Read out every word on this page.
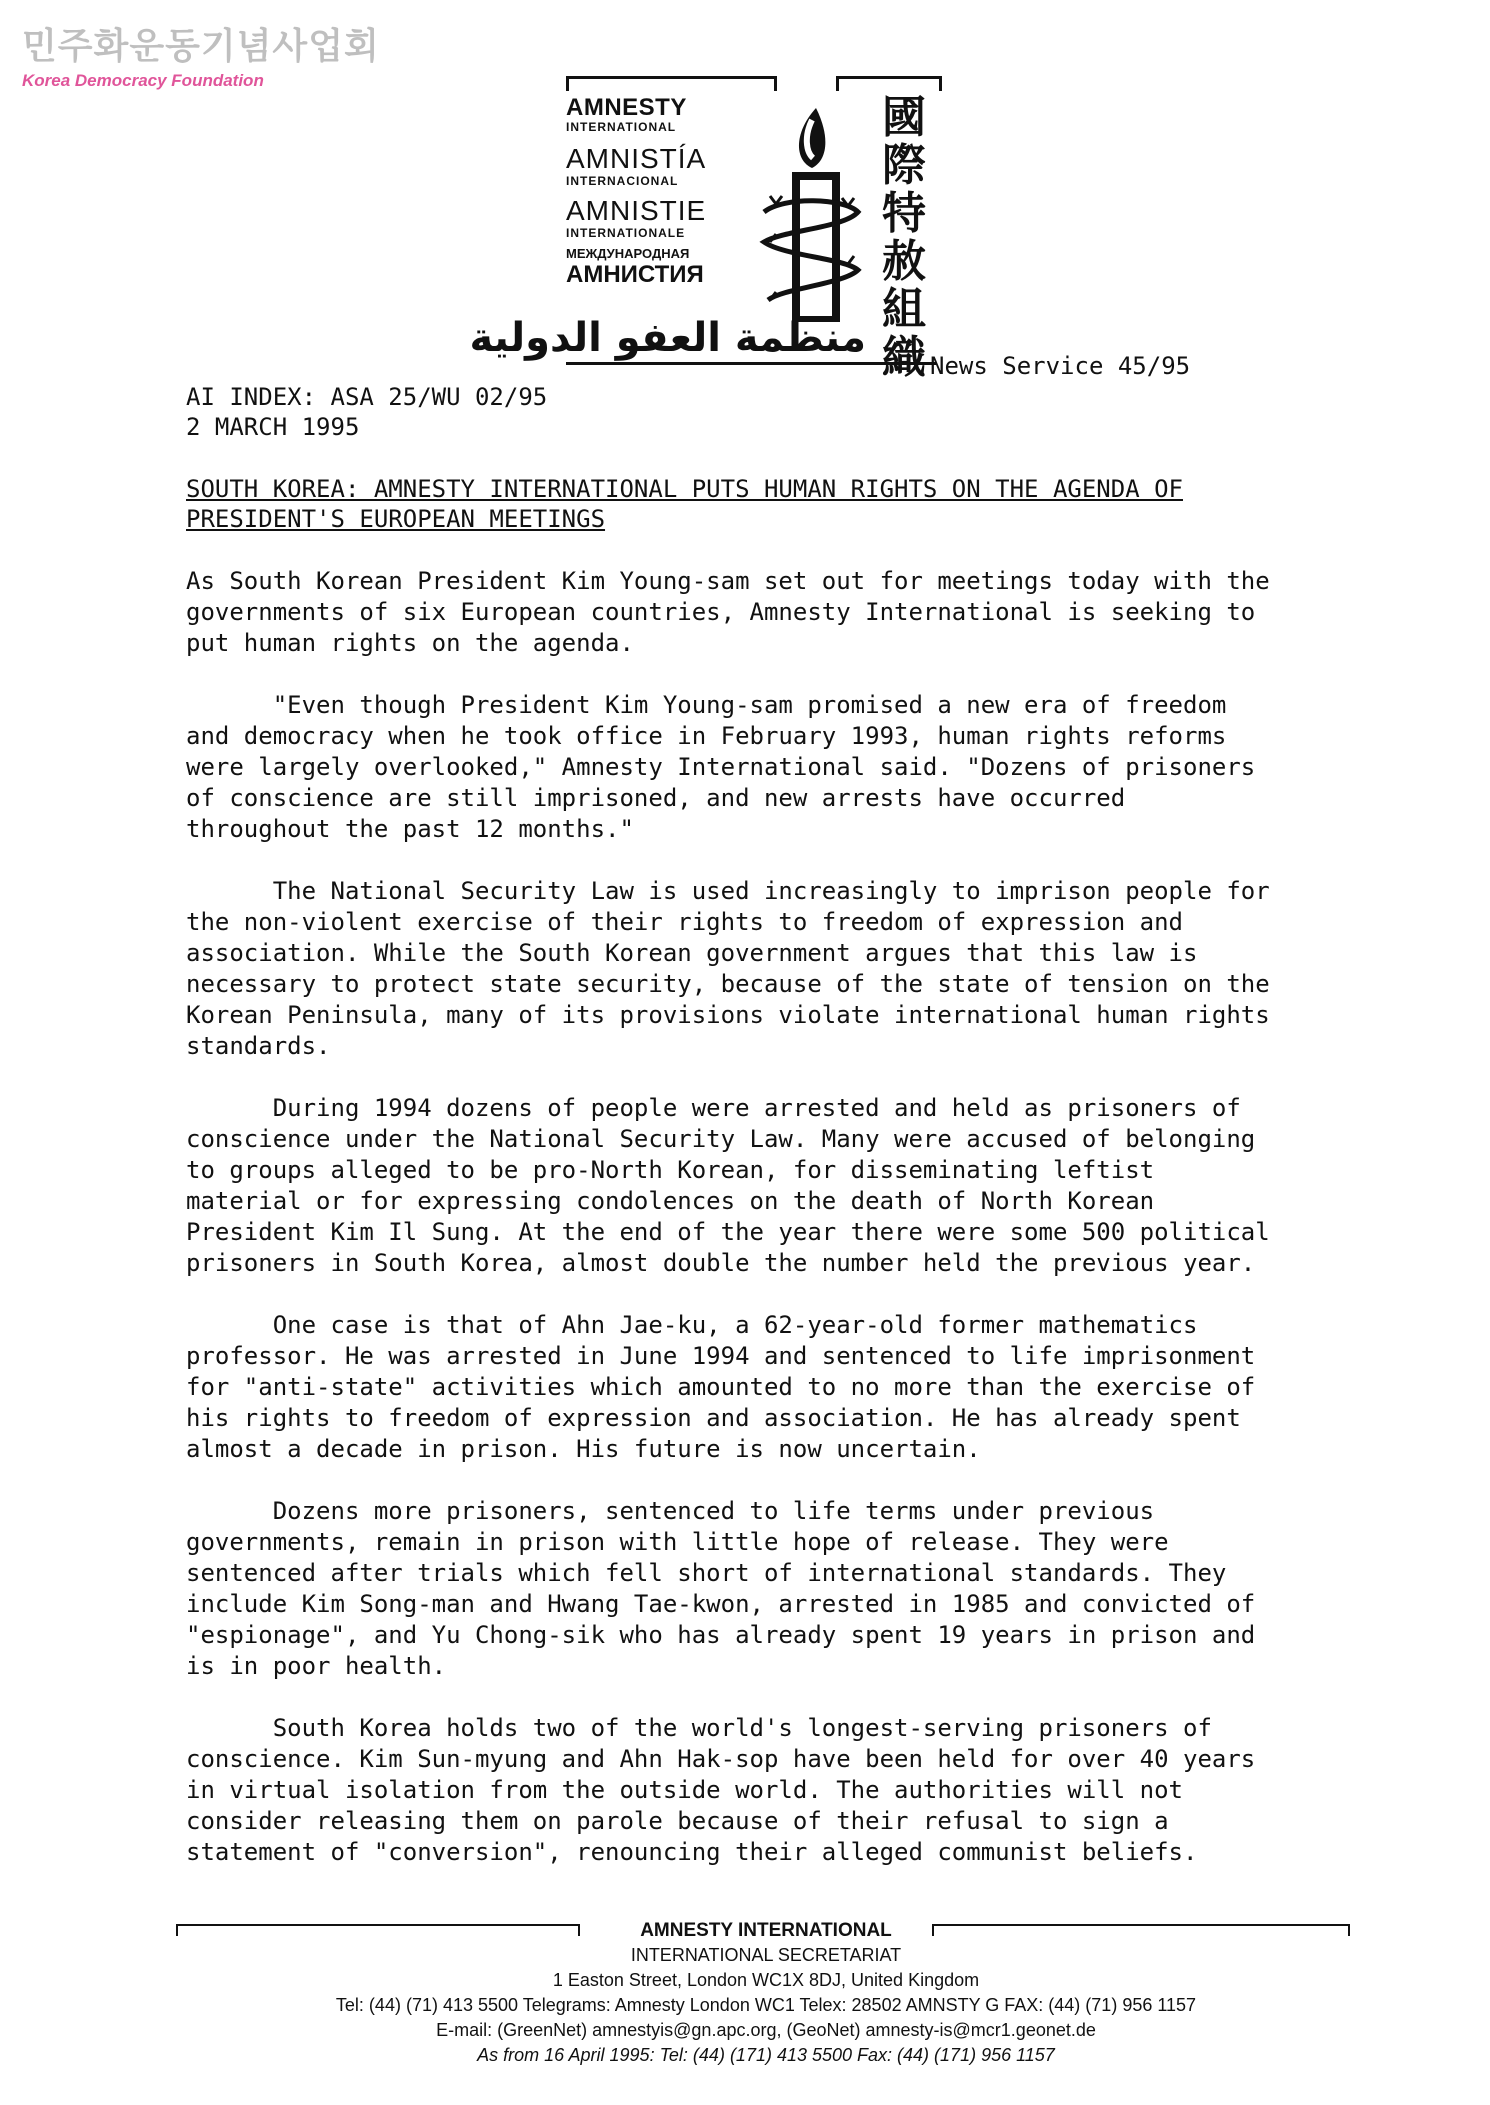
민주화운동기념사업회
Korea Democracy Foundation
AMNESTY
INTERNATIONAL
AMNISTÍA
INTERNACIONAL
AMNISTIE
INTERNATIONALE
МЕЖДУНАРОДНАЯ
АМНИСТИЯ
國
際
特
赦
組
織
منظمة العفو الدولية
News Service 45/95
AI INDEX: ASA 25/WU 02/95
2 MARCH 1995
SOUTH KOREA: AMNESTY INTERNATIONAL PUTS HUMAN RIGHTS ON THE AGENDA OF
PRESIDENT'S EUROPEAN MEETINGS

As South Korean President Kim Young-sam set out for meetings today with the
governments of six European countries, Amnesty International is seeking to
put human rights on the agenda.

"Even though President Kim Young-sam promised a new era of freedom
and democracy when he took office in February 1993, human rights reforms
were largely overlooked," Amnesty International said. "Dozens of prisoners
of conscience are still imprisoned, and new arrests have occurred
throughout the past 12 months."

The National Security Law is used increasingly to imprison people for
the non-violent exercise of their rights to freedom of expression and
association. While the South Korean government argues that this law is
necessary to protect state security, because of the state of tension on the
Korean Peninsula, many of its provisions violate international human rights
standards.

During 1994 dozens of people were arrested and held as prisoners of
conscience under the National Security Law. Many were accused of belonging
to groups alleged to be pro-North Korean, for disseminating leftist
material or for expressing condolences on the death of North Korean
President Kim Il Sung. At the end of the year there were some 500 political
prisoners in South Korea, almost double the number held the previous year.

One case is that of Ahn Jae-ku, a 62-year-old former mathematics
professor. He was arrested in June 1994 and sentenced to life imprisonment
for "anti-state" activities which amounted to no more than the exercise of
his rights to freedom of expression and association. He has already spent
almost a decade in prison. His future is now uncertain.

Dozens more prisoners, sentenced to life terms under previous
governments, remain in prison with little hope of release. They were
sentenced after trials which fell short of international standards. They
include Kim Song-man and Hwang Tae-kwon, arrested in 1985 and convicted of
"espionage", and Yu Chong-sik who has already spent 19 years in prison and
is in poor health.

South Korea holds two of the world's longest-serving prisoners of
conscience. Kim Sun-myung and Ahn Hak-sop have been held for over 40 years
in virtual isolation from the outside world. The authorities will not
consider releasing them on parole because of their refusal to sign a
statement of "conversion", renouncing their alleged communist beliefs.

AMNESTY INTERNATIONAL
INTERNATIONAL SECRETARIAT
1 Easton Street, London WC1X 8DJ, United Kingdom
Tel: (44) (71) 413 5500 Telegrams: Amnesty London WC1 Telex: 28502 AMNSTY G FAX: (44) (71) 956 1157
E-mail: (GreenNet) amnestyis@gn.apc.org, (GeoNet) amnesty-is@mcr1.geonet.de
As from 16 April 1995: Tel: (44) (171) 413 5500 Fax: (44) (171) 956 1157
